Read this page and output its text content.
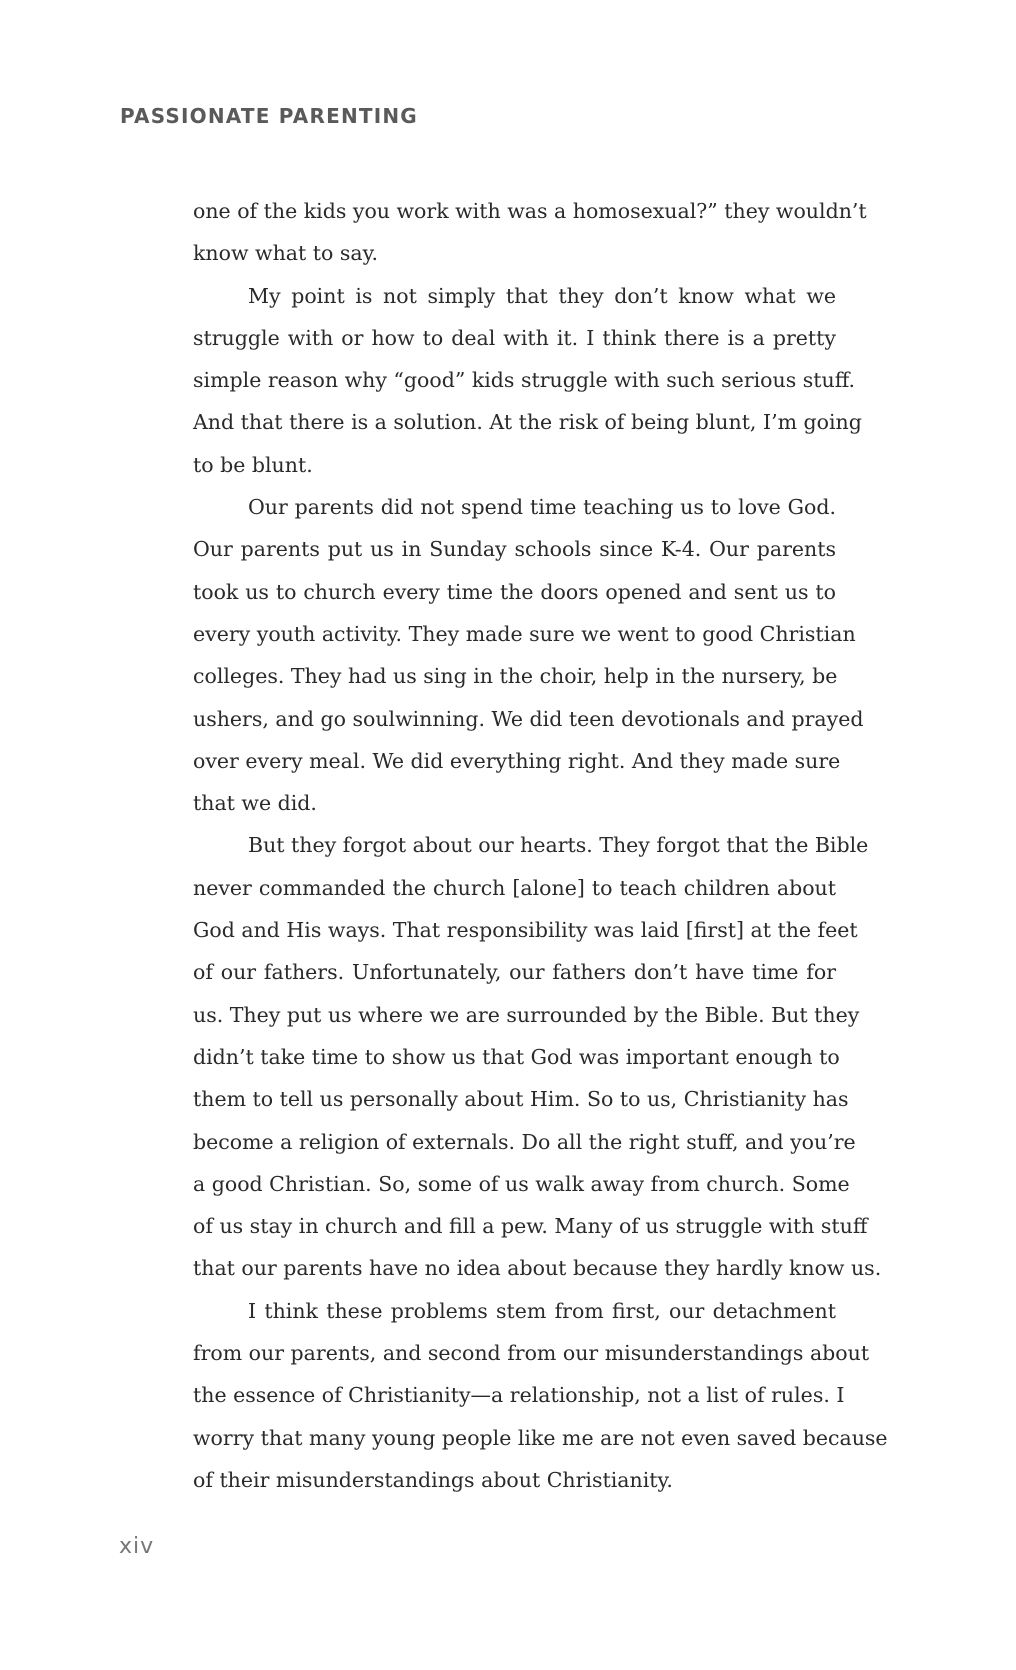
PASSIONATE PARENTING
one of the kids you work with was a homosexual?” they wouldn’t
know what to say.
My point is not simply that they don’t know what we
struggle with or how to deal with it. I think there is a pretty
simple reason why “good” kids struggle with such serious stuff.
And that there is a solution. At the risk of being blunt, I’m going
to be blunt.
Our parents did not spend time teaching us to love God.
Our parents put us in Sunday schools since K-4. Our parents
took us to church every time the doors opened and sent us to
every youth activity. They made sure we went to good Christian
colleges. They had us sing in the choir, help in the nursery, be
ushers, and go soulwinning. We did teen devotionals and prayed
over every meal. We did everything right. And they made sure
that we did.
But they forgot about our hearts. They forgot that the Bible
never commanded the church [alone] to teach children about
God and His ways. That responsibility was laid [first] at the feet
of our fathers. Unfortunately, our fathers don’t have time for
us. They put us where we are surrounded by the Bible. But they
didn’t take time to show us that God was important enough to
them to tell us personally about Him. So to us, Christianity has
become a religion of externals. Do all the right stuff, and you’re
a good Christian. So, some of us walk away from church. Some
of us stay in church and fill a pew. Many of us struggle with stuff
that our parents have no idea about because they hardly know us.
I think these problems stem from first, our detachment
from our parents, and second from our misunderstandings about
the essence of Christianity—a relationship, not a list of rules. I
worry that many young people like me are not even saved because
of their misunderstandings about Christianity.
xiv
